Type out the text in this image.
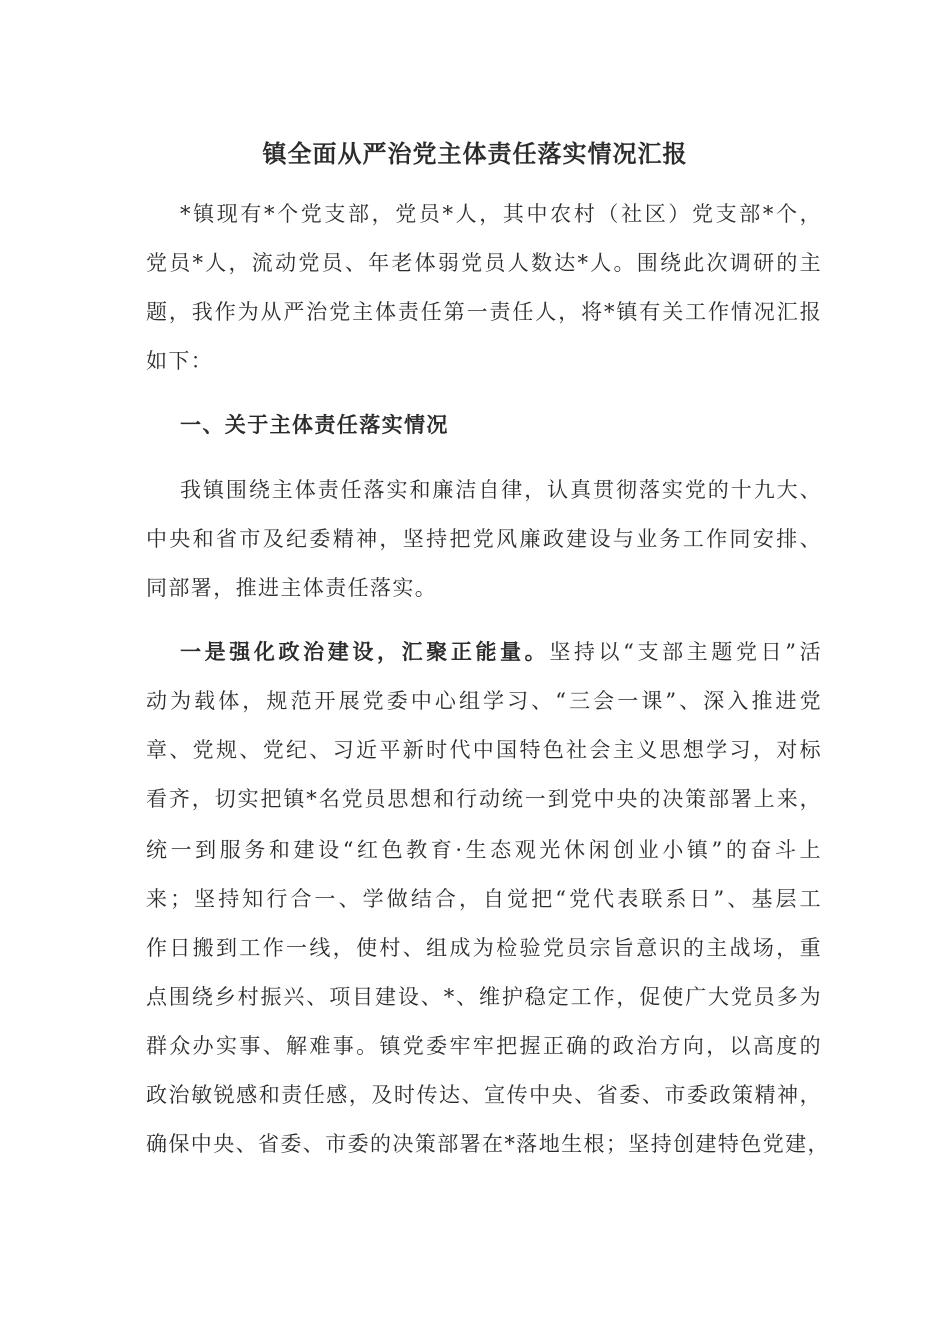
镇全面从严治党主体责任落实情况汇报

*镇现有*个党支部，党员*人，其中农村（社区）党支部*个，

党员*人，流动党员、年老体弱党员人数达*人。围绕此次调研的主

题，我作为从严治党主体责任第一责任人，将*镇有关工作情况汇报

如下：

一、关于主体责任落实情况

我镇围绕主体责任落实和廉洁自律，认真贯彻落实党的十九大、

中央和省市及纪委精神，坚持把党风廉政建设与业务工作同安排、

同部署，推进主体责任落实。

一是强化政治建设，汇聚正能量。坚持以“支部主题党日”活

动为载体，规范开展党委中心组学习、“三会一课”、深入推进党

章、党规、党纪、习近平新时代中国特色社会主义思想学习，对标

看齐，切实把镇*名党员思想和行动统一到党中央的决策部署上来，

统一到服务和建设“红色教育·生态观光休闲创业小镇”的奋斗上

来；坚持知行合一、学做结合，自觉把“党代表联系日”、基层工

作日搬到工作一线，使村、组成为检验党员宗旨意识的主战场，重

点围绕乡村振兴、项目建设、*、维护稳定工作，促使广大党员多为

群众办实事、解难事。镇党委牢牢把握正确的政治方向，以高度的

政治敏锐感和责任感，及时传达、宣传中央、省委、市委政策精神，

确保中央、省委、市委的决策部署在*落地生根；坚持创建特色党建，
